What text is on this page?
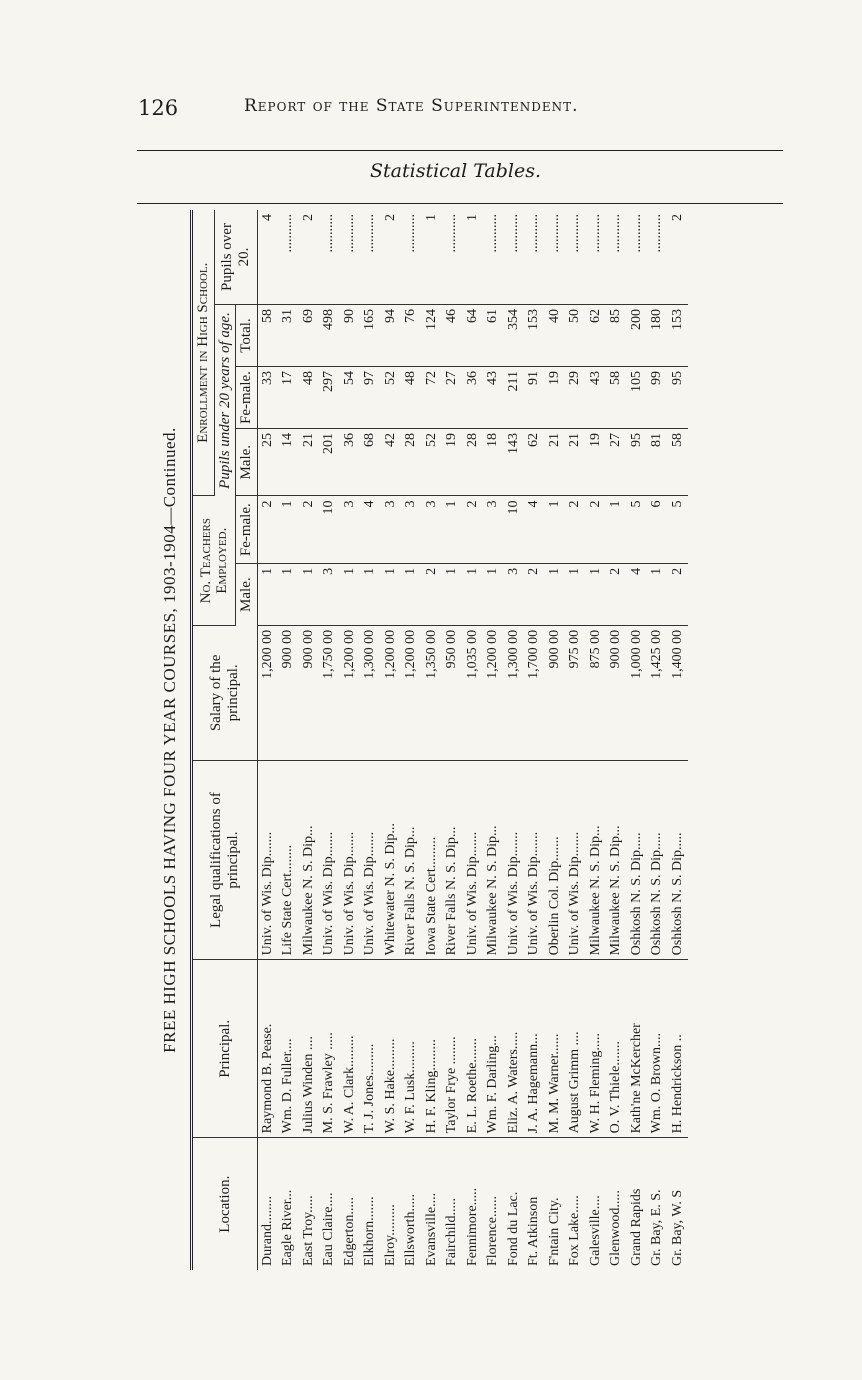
126	Report of the State Superintendent.
Statistical Tables.
FREE HIGH SCHOOLS HAVING FOUR YEAR COURSES, 1903-1904—Continued.
Location.	Principal.	Legal qualifications of principal.	Salary of the principal.	No. Teachers Employed.		Enrollment in High School.			
						Pupils under 20 years of age.			Pupils over 20.
				Male.	Fe-male.	Male.	Fe-male.	Total.	
Durand........	Raymond B. Pease.	Univ. of Wis. Dip.......	1,200 00	1	2	25	33	58	4
Eagle River...	Wm. D. Fuller....	Life State Cert........	900 00	1	1	14	17	31	...........
East Troy.....	Julius Winden ....	Milwaukee N. S. Dip...	900 00	1	2	21	48	69	2
Eau Claire....	M. S. Frawley .....	Univ. of Wis. Dip.......	1,750 00	3	10	201	297	498	...........
Edgerton.....	W. A. Clark.........	Univ. of Wis. Dip.......	1,200 00	1	3	36	54	90	...........
Elkhorn.......	T. J. Jones.........	Univ. of Wis. Dip.......	1,300 00	1	4	68	97	165	...........
Elroy.........	W. S. Hake.........	Whitewater N. S. Dip...	1,200 00	1	3	42	52	94	2
Ellsworth.....	W. F. Lusk.........	River Falls N. S. Dip...	1,200 00	1	3	28	48	76	...........
Evansville....	H. F. Kling.........	Iowa State Cert.........	1,350 00	2	3	52	72	124	1
Fairchild.....	Taylor Frye ........	River Falls N. S. Dip...	950 00	1	1	19	27	46	...........
Fennimore.....	E. L. Roethe.......	Univ. of Wis. Dip.......	1,035 00	1	2	28	36	64	1
Florence......	Wm. F. Darling...	Milwaukee N. S. Dip...	1,200 00	1	3	18	43	61	...........
Fond du Lac.	Eliz. A. Waters.....	Univ. of Wis. Dip.......	1,300 00	3	10	143	211	354	...........
Ft. Atkinson	J. A. Hagemann...	Univ. of Wis. Dip.......	1,700 00	2	4	62	91	153	...........
F'ntain City.	M. M. Warner......	Oberlin Col. Dip.......	900 00	1	1	21	19	40	...........
Fox Lake.....	August Grimm ....	Univ. of Wis. Dip.......	975 00	1	2	21	29	50	...........
Galesville....	W. H. Fleming.....	Milwaukee N. S. Dip...	875 00	1	2	19	43	62	...........
Glenwood.....	O. V. Thiele.......	Milwaukee N. S. Dip...	900 00	2	1	27	58	85	...........
Grand Rapids	Kath'ne McKercher	Oshkosh N. S. Dip.....	1,000 00	4	5	95	105	200	...........
Gr. Bay, E. S.	Wm. O. Brown....	Oshkosh N. S. Dip.....	1,425 00	1	6	81	99	180	...........
Gr. Bay, W. S	H. Hendrickson ..	Oshkosh N. S. Dip.....	1,400 00	2	5	58	95	153	2
